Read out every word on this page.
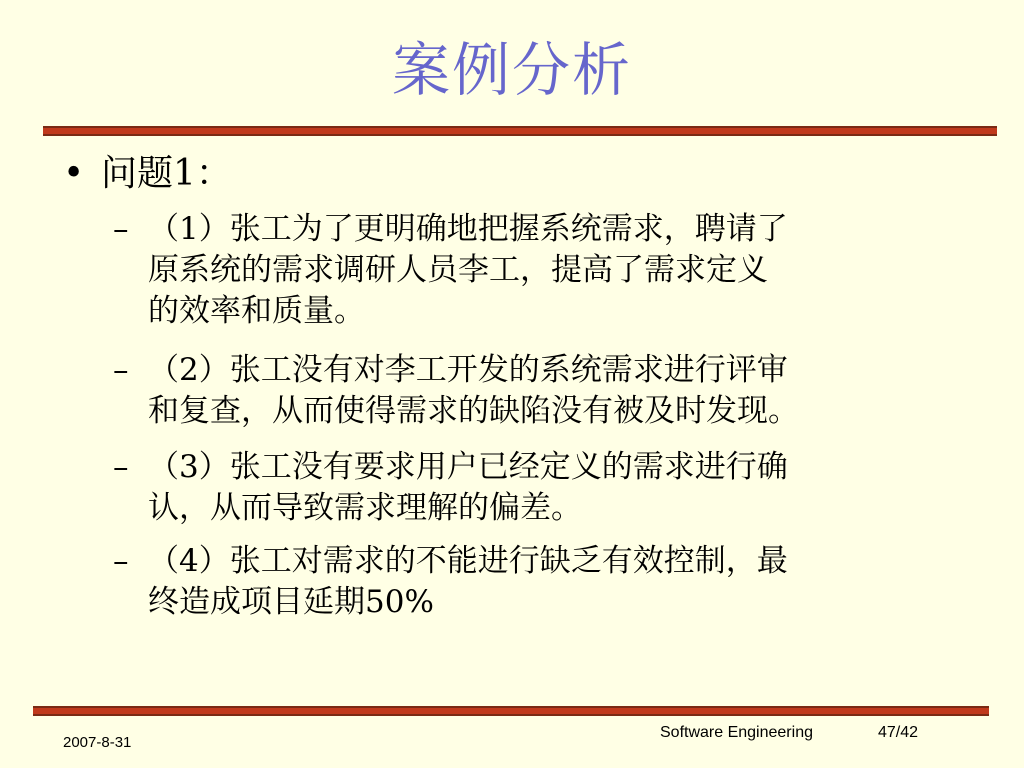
案例分析
• 问题1：
– （1）张工为了更明确地把握系统需求，聘请了
原系统的需求调研人员李工，提高了需求定义
的效率和质量。
– （2）张工没有对李工开发的系统需求进行评审
和复查，从而使得需求的缺陷没有被及时发现。
– （3）张工没有要求用户已经定义的需求进行确
认，从而导致需求理解的偏差。
– （4）张工对需求的不能进行缺乏有效控制，最
终造成项目延期50%
2007-8-31
Software Engineering	47/42
